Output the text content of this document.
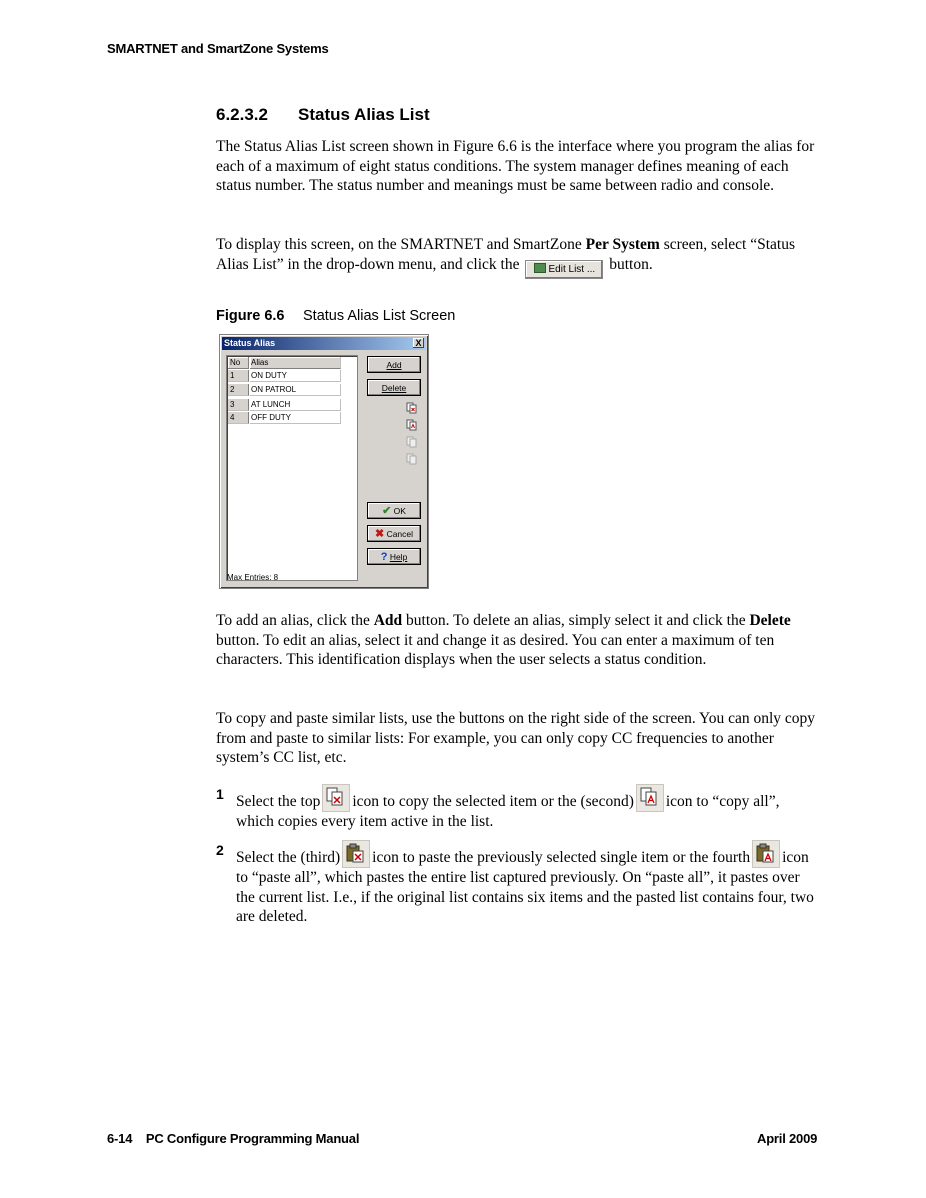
SMARTNET and SmartZone Systems
6.2.3.2 Status Alias List
The Status Alias List screen shown in Figure 6.6 is the interface where you program the alias for each of a maximum of eight status conditions. The system manager defines meaning of each status number. The status number and meanings must be same between radio and console.
To display this screen, on the SMARTNET and SmartZone Per System screen, select “Status Alias List” in the drop-down menu, and click the	Edit List ... button.
Figure 6.6 Status Alias List Screen
Status Alias	X
No	Alias
1	ON DUTY
2	ON PATROL
3	AT LUNCH
4	OFF DUTY
Add
Delete
✔ OK
✖ Cancel
? Help
Max Entries: 8
To add an alias, click the Add button. To delete an alias, simply select it and click the Delete button. To edit an alias, select it and change it as desired. You can enter a maximum of ten characters. This identification displays when the user selects a status condition.
To copy and paste similar lists, use the buttons on the right side of the screen. You can only copy from and paste to similar lists: For example, you can only copy CC frequencies to another system’s CC list, etc.
1 Select the top icon to copy the selected item or the (second) icon to “copy all”, which copies every item active in the list.
2 Select the (third) icon to paste the previously selected single item or the fourth icon to “paste all”, which pastes the entire list captured previously. On “paste all”, it pastes over the current list. I.e., if the original list contains six items and the pasted list contains four, two are deleted.
6-14    PC Configure Programming Manual	April 2009
